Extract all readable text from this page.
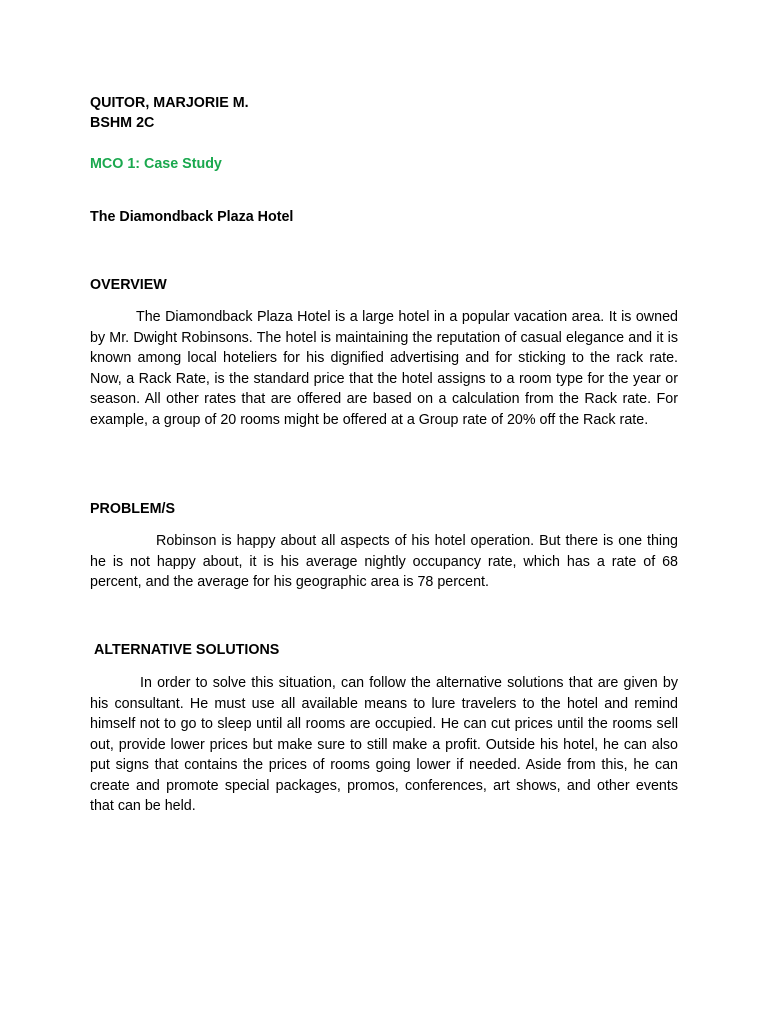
QUITOR, MARJORIE M.
BSHM 2C
MCO 1: Case Study
The Diamondback Plaza Hotel
OVERVIEW

The Diamondback Plaza Hotel is a large hotel in a popular vacation area. It is owned by Mr. Dwight Robinsons. The hotel is maintaining the reputation of casual elegance and it is known among local hoteliers for his dignified advertising and for sticking to the rack rate. Now, a Rack Rate, is the standard price that the hotel assigns to a room type for the year or season. All other rates that are offered are based on a calculation from the Rack rate. For example, a group of 20 rooms might be offered at a Group rate of 20% off the Rack rate.

PROBLEM/S

Robinson is happy about all aspects of his hotel operation. But there is one thing he is not happy about, it is his average nightly occupancy rate, which has a rate of 68 percent, and the average for his geographic area is 78 percent.

ALTERNATIVE SOLUTIONS

In order to solve this situation, can follow the alternative solutions that are given by his consultant. He must use all available means to lure travelers to the hotel and remind himself not to go to sleep until all rooms are occupied. He can cut prices until the rooms sell out, provide lower prices but make sure to still make a profit. Outside his hotel, he can also put signs that contains the prices of rooms going lower if needed. Aside from this, he can create and promote special packages, promos, conferences, art shows, and other events that can be held.
